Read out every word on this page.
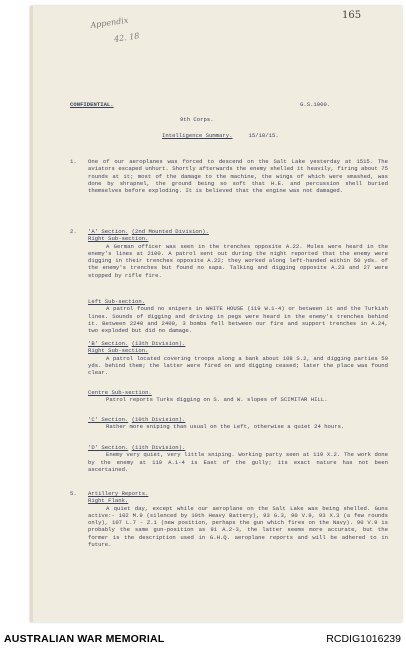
165
Appendix
42. 18
CONFIDENTIAL.	G.S.1000.
9th Corps.
Intelligence Summary.	15/10/15.
1. One of our aeroplanes was forced to descend on the Salt Lake yesterday at 1515. The aviators escaped unhurt. Shortly afterwards the enemy shelled it heavily, firing about 75 rounds at it; most of the damage to the machine, the wings of which were smashed, was done by shrapnel, the ground being so soft that H.E. and percussion shell buried themselves before exploding. It is believed that the engine was not damaged.

2. 'A' Section. (2nd Mounted Division).
Right Sub-section.

A German officer was seen in the trenches opposite A.22. Mules were heard in the enemy's lines at 2100. A patrol sent out during the night reported that the enemy were digging in their trenches opposite A.22; they worked along left-handed within 50 yds. of the enemy's trenches but found no sapa. Talking and digging opposite A.23 and 27 were stopped by rifle fire.

Left Sub-section.

A patrol found no snipers in WHITE HOUSE (119 W.1-4) or between it and the Turkish lines. Sounds of digging and driving in pegs were heard in the enemy's trenches behind it. Between 2240 and 2400, 3 bombs fell between our fire and support trenches in A.24, two exploded but did no damage.

'B' Section. (13th Division).
Right Sub-section.

A patrol located covering troops along a bank about 108 S.2, and digging parties 50 yds. behind them; the latter were fired on and digging ceased; later the place was found clear.

Centre Sub-section.

Patrol reports Turks digging on S. and W. slopes of SCIMITAR HILL.

'C' Section. (10th Division).

Rather more sniping than usual on the Left, otherwise a quiet 24 hours.

'D' Section. (11th Division).

Enemy very quiet, very little sniping. Working party seen at 119 X.2. The work done by the enemy at 119 A.1-4 is East of the gully; its exact nature has not been ascertained.

5. Artillery Reports.
Right Flank.

A quiet day, except while our aeroplane on the Salt Lake was being shelled. Guns active:- 102 M.9 (silenced by 10th Heavy Battery), 93 G.3, 90 V.9, 93 X.3 (a few rounds only), 107 L.7 - Z.1 (new position, perhaps the gun which fires on the Navy). 90 V.9 is probably the same gun-position as 91 A.2-3, the latter seems more accurate, but the former is the description used in G.H.Q. aeroplane reports and will be adhered to in future.

AUSTRALIAN WAR MEMORIAL	RCDIG1016239
